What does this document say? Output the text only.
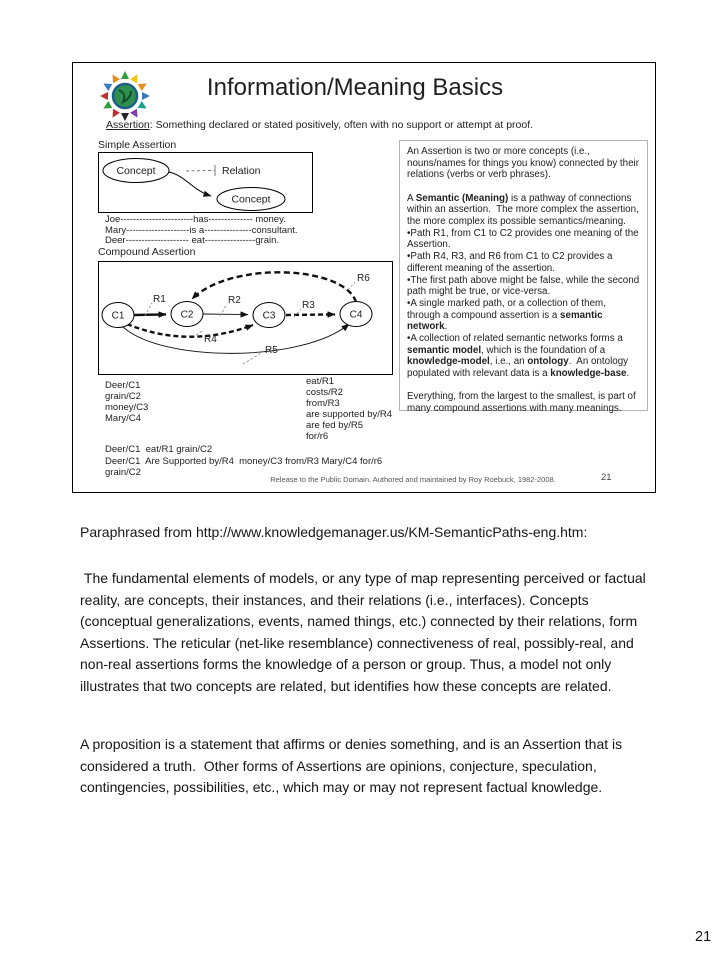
Information/Meaning Basics
Assertion: Something declared or stated positively, often with no support or attempt at proof.
Simple Assertion
Concept	Relation
Concept
Joe-----------------------has-------------- money.
Mary--------------------is a---------------consultant.
Deer-------------------- eat----------------grain.
Compound Assertion
C1	C2	C3	C4
R1	R2	R3
R4
R5
R6
Deer/C1
grain/C2
money/C3
Mary/C4
eat/R1
costs/R2
from/R3
are supported by/R4
are fed by/R5
for/r6
Deer/C1  eat/R1 grain/C2
Deer/C1  Are Supported by/R4  money/C3 from/R3 Mary/C4 for/r6
grain/C2
Release to the Public Domain. Authored and maintained by Roy Roebuck, 1982-2008.	21

An Assertion is two or more concepts (i.e., nouns/names for things you know) connected by their relations (verbs or verb phrases).

A Semantic (Meaning) is a pathway of connections within an assertion.  The more complex the assertion, the more complex its possible semantics/meaning.

•Path R1, from C1 to C2 provides one meaning of the Assertion.

•Path R4, R3, and R6 from C1 to C2 provides a different meaning of the assertion.

•The first path above might be false, while the second path might be true, or vice-versa.

•A single marked path, or a collection of them, through a compound assertion is a semantic network.

•A collection of related semantic networks forms a semantic model, which is the foundation of a knowledge-model, i.e., an ontology.  An ontology populated with relevant data is a knowledge-base.

Everything, from the largest to the smallest, is part of many compound assertions with many meanings.

Paraphrased from http://www.knowledgemanager.us/KM-SemanticPaths-eng.htm:
The fundamental elements of models, or any type of map representing perceived or factual reality, are concepts, their instances, and their relations (i.e., interfaces). Concepts (conceptual generalizations, events, named things, etc.) connected by their relations, form Assertions. The reticular (net-like resemblance) connectiveness of real, possibly-real, and non-real assertions forms the knowledge of a person or group. Thus, a model not only illustrates that two concepts are related, but identifies how these concepts are related.
A proposition is a statement that affirms or denies something, and is an Assertion that is considered a truth.  Other forms of Assertions are opinions, conjecture, speculation, contingencies, possibilities, etc., which may or may not represent factual knowledge.
21
